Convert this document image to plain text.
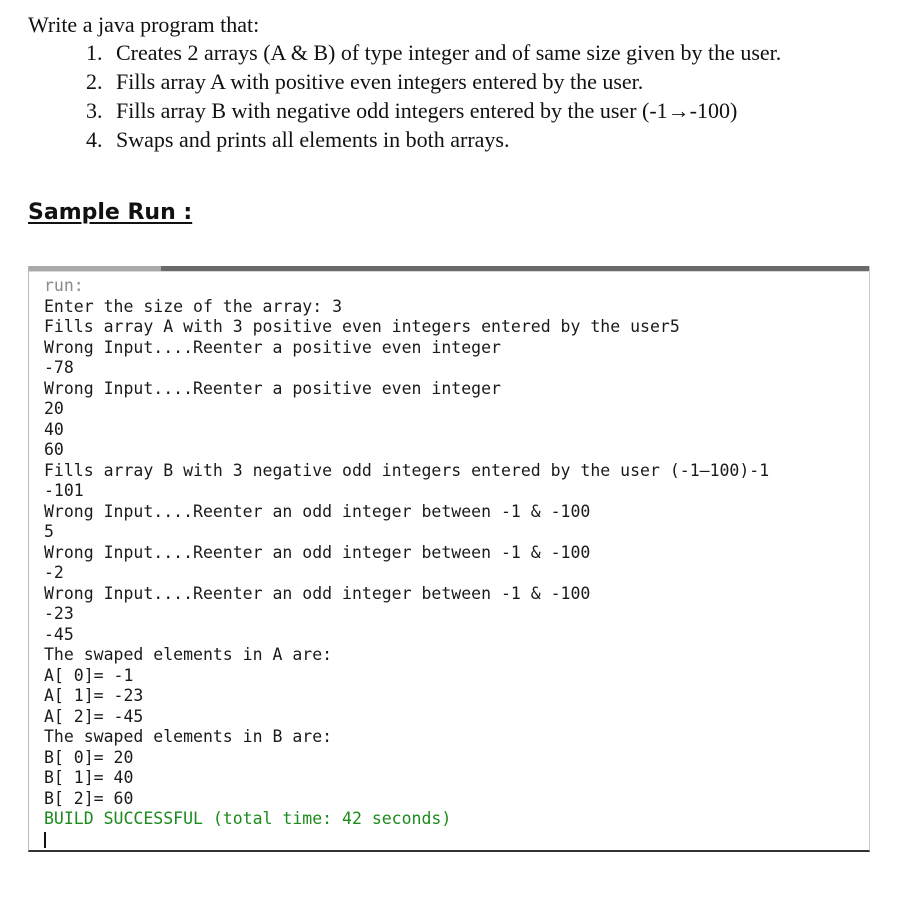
Write a java program that:
1. Creates 2 arrays (A & B) of type integer and of same size given by the user.
2. Fills array A with positive even integers entered by the user.
3. Fills array B with negative odd integers entered by the user (-1→-100)
4. Swaps and prints all elements in both arrays.
Sample Run :
run:
Enter the size of the array: 3
Fills array A with 3 positive even integers entered by the user5
Wrong Input....Reenter a positive even integer
-78
Wrong Input....Reenter a positive even integer
20
40
60
Fills array B with 3 negative odd integers entered by the user (-1–100)-1
-101
Wrong Input....Reenter an odd integer between -1 & -100
5
Wrong Input....Reenter an odd integer between -1 & -100
-2
Wrong Input....Reenter an odd integer between -1 & -100
-23
-45
The swaped elements in A are:
A[ 0]= -1
A[ 1]= -23
A[ 2]= -45
The swaped elements in B are:
B[ 0]= 20
B[ 1]= 40
B[ 2]= 60
BUILD SUCCESSFUL (total time: 42 seconds)
